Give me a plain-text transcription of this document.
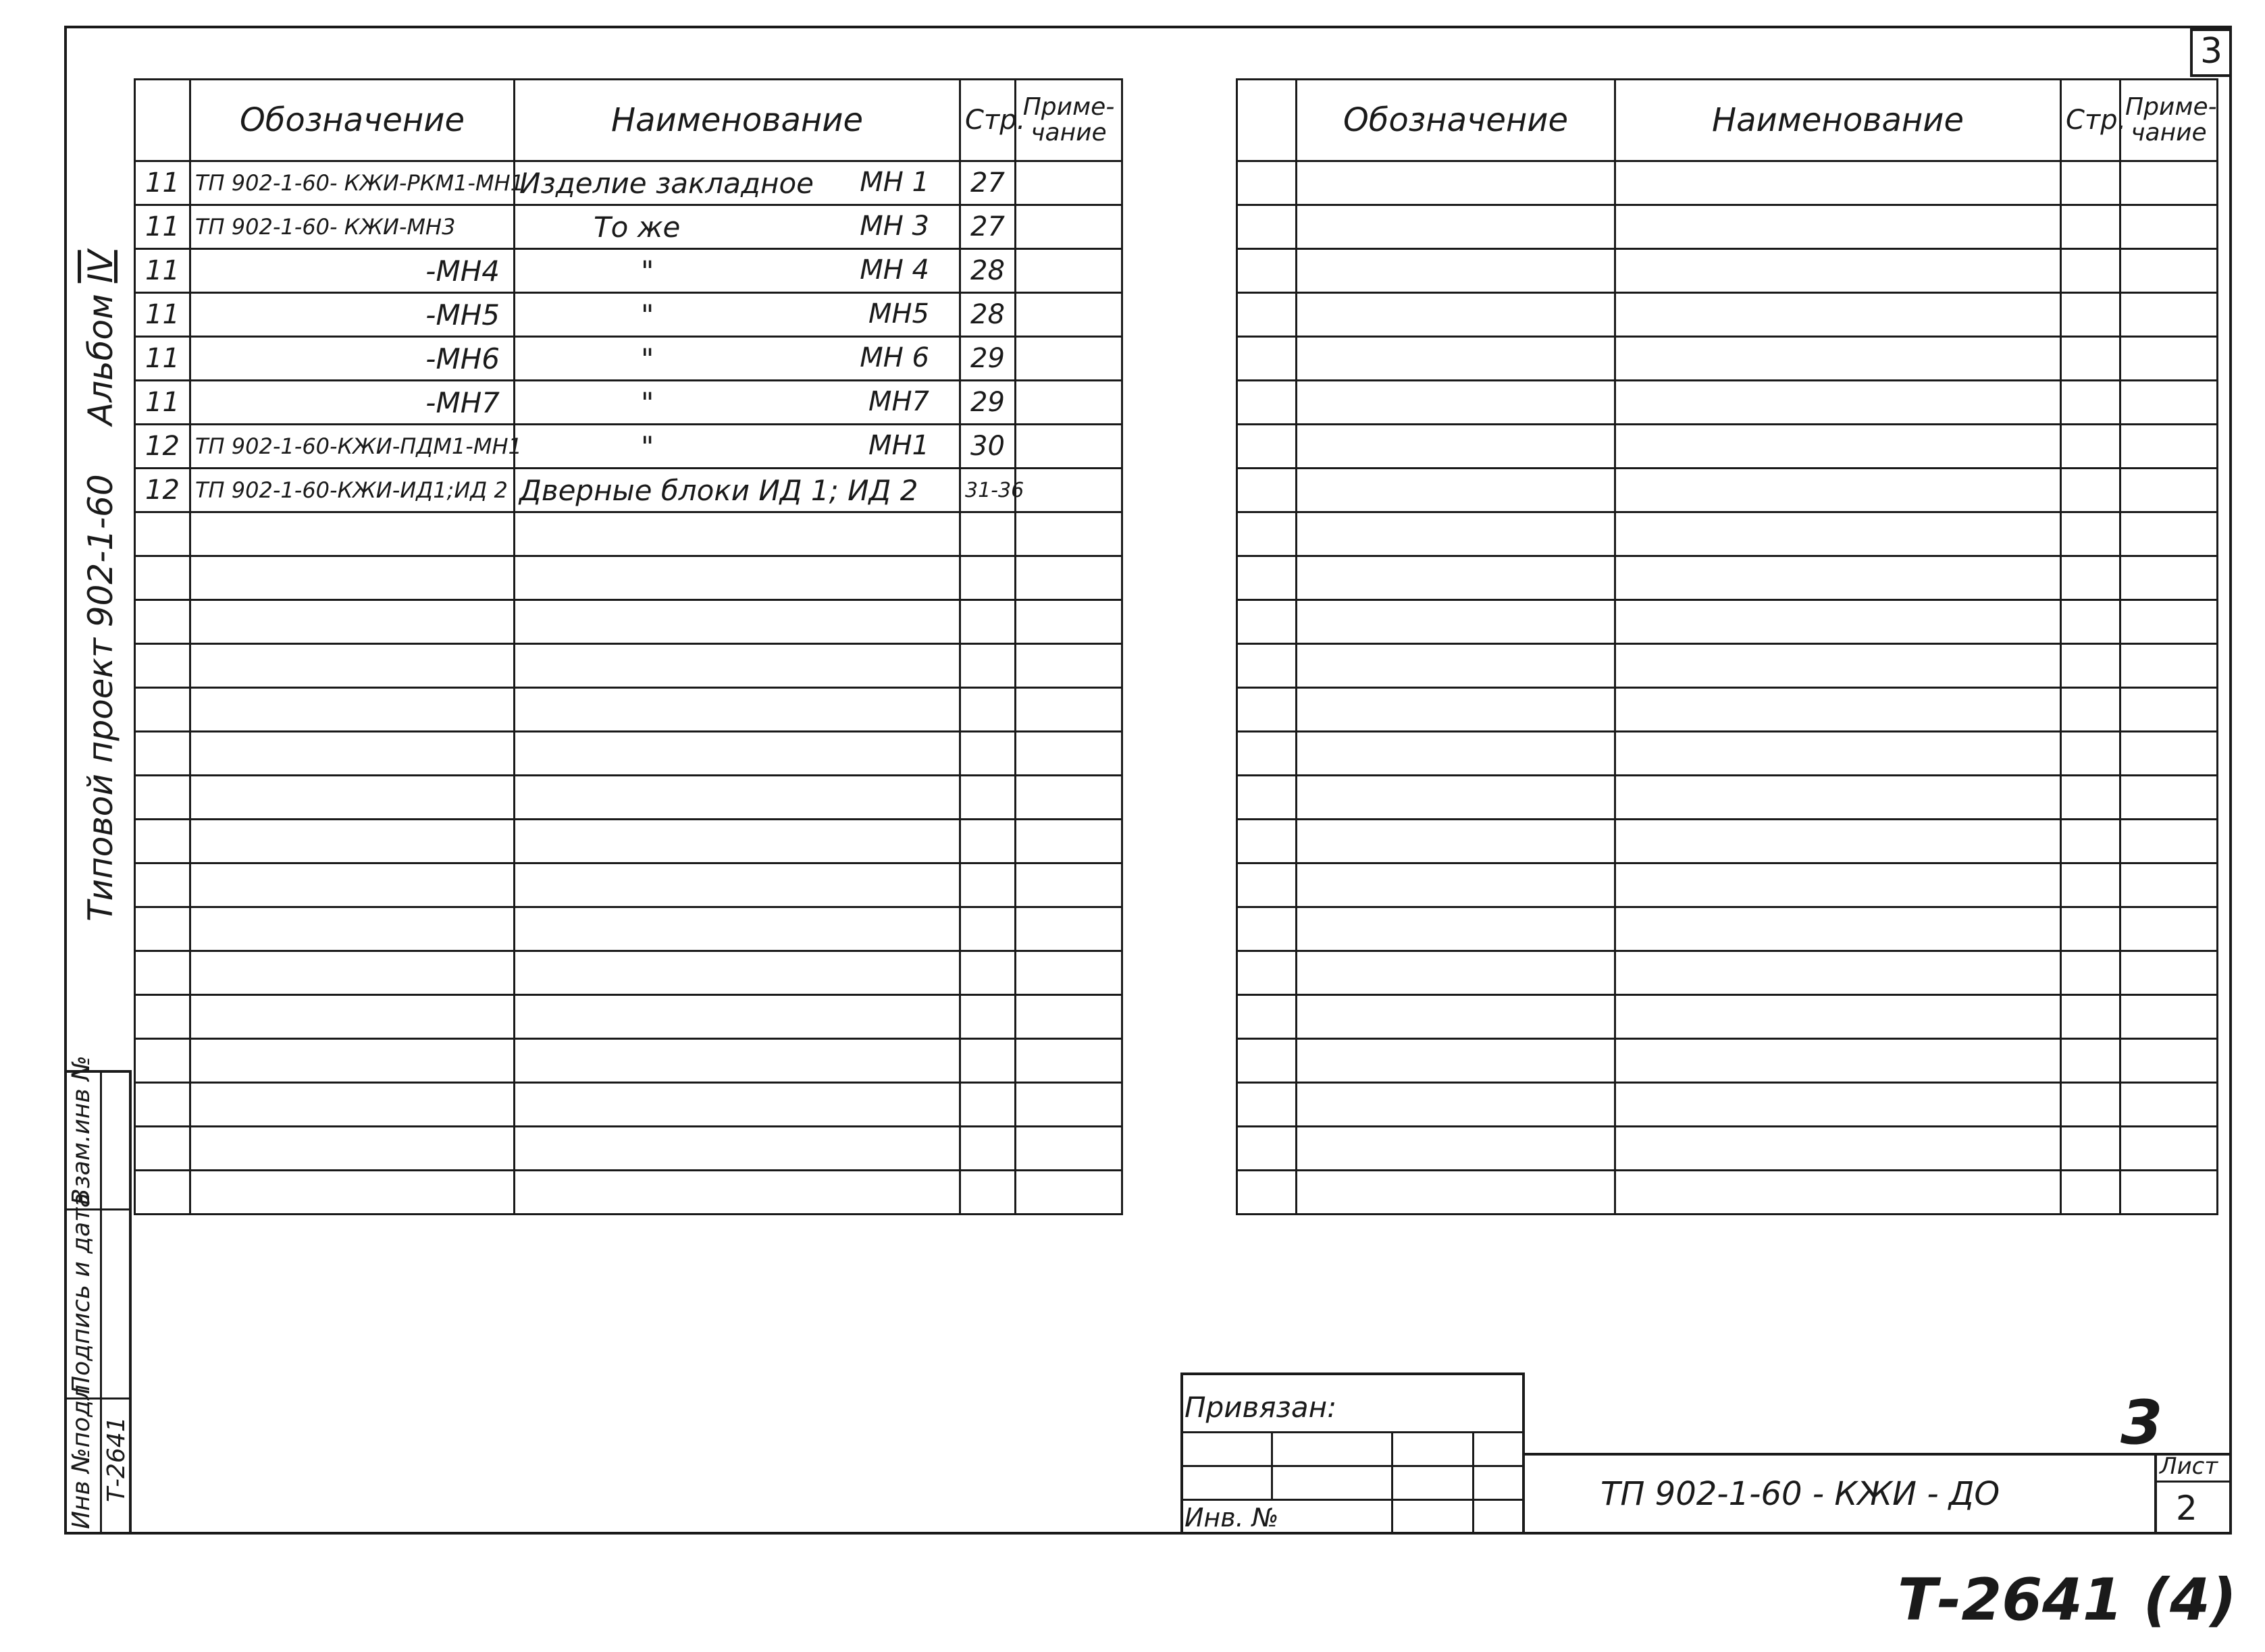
3
Типовой проект 902-1-60
Альбом IV
Взам.инв №
Подпись и дата
Инв №подл Т-2641
	Обозначение	Наименование	Стр.	Приме-
чание
11	ТП 902-1-60- КЖИ-РКМ1-МН1	Изделие закладное МН 1	27	
11	ТП 902-1-60- КЖИ-МН3	То же МН 3	27	
11	-МН4	" МН 4	28	
11	-МН5	" МН5	28	
11	-МН6	" МН 6	29	
11	-МН7	" МН7	29	
12	ТП 902-1-60-КЖИ-ПДМ1-МН1	" МН1	30	
12	ТП 902-1-60-КЖИ-ИД1;ИД 2	Дверные блоки ИД 1; ИД 2	31-36	

	Обозначение	Наименование	Стр.	Приме-
чание

Привязан:
Инв. №
ТП 902-1-60 - КЖИ - ДО
Лист
2
3
Т-2641 (4)
